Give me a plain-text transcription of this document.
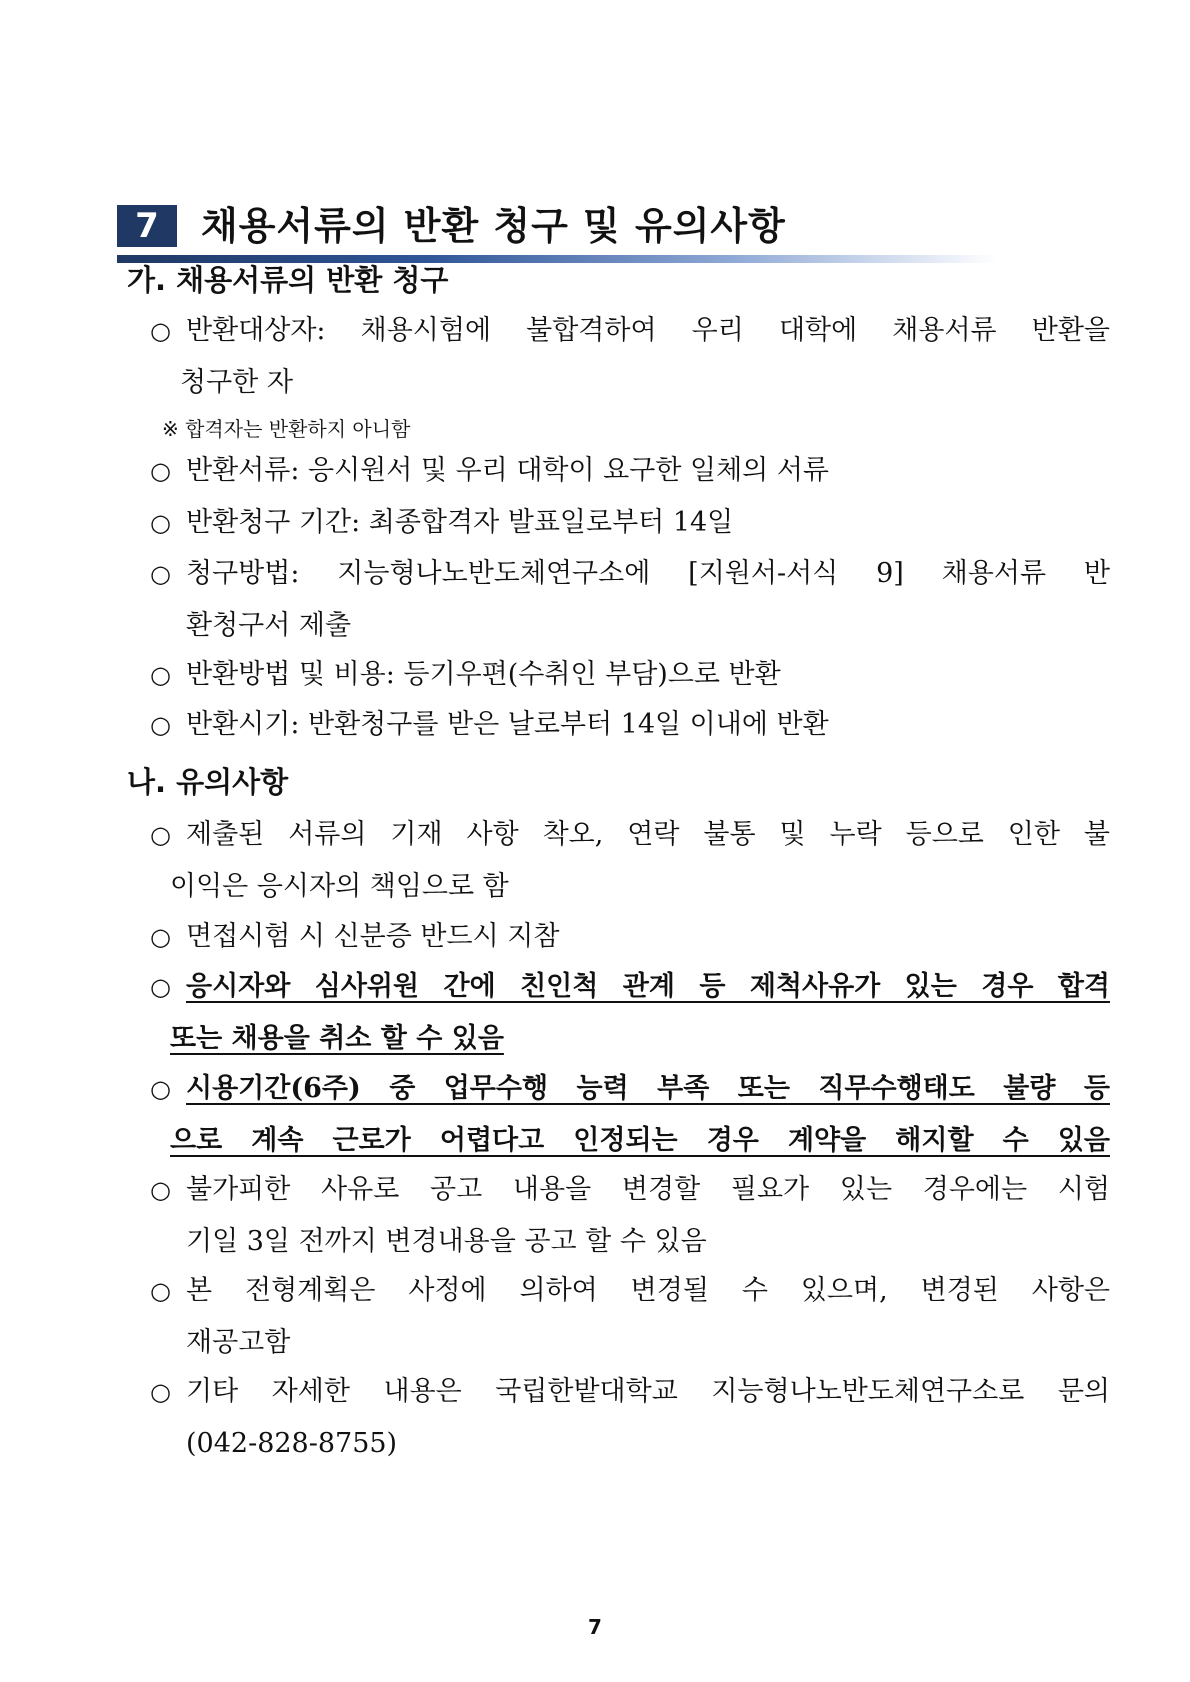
7	채용서류의 반환 청구 및 유의사항
가. 채용서류의 반환 청구
○ 반환대상자: 채용시험에 불합격하여 우리 대학에 채용서류 반환을
청구한 자
※ 합격자는 반환하지 아니함
○ 반환서류: 응시원서 및 우리 대학이 요구한 일체의 서류
○ 반환청구 기간: 최종합격자 발표일로부터 14일
○ 청구방법: 지능형나노반도체연구소에 [지원서-서식 9] 채용서류 반
환청구서 제출
○ 반환방법 및 비용: 등기우편(수취인 부담)으로 반환
○ 반환시기: 반환청구를 받은 날로부터 14일 이내에 반환
나. 유의사항
○ 제출된 서류의 기재 사항 착오, 연락 불통 및 누락 등으로 인한 불
이익은 응시자의 책임으로 함
○ 면접시험 시 신분증 반드시 지참
○ 응시자와 심사위원 간에 친인척 관계 등 제척사유가 있는 경우 합격
또는 채용을 취소 할 수 있음
○ 시용기간(6주) 중 업무수행 능력 부족 또는 직무수행태도 불량 등
으로 계속 근로가 어렵다고 인정되는 경우 계약을 해지할 수 있음
○ 불가피한 사유로 공고 내용을 변경할 필요가 있는 경우에는 시험
기일 3일 전까지 변경내용을 공고 할 수 있음
○ 본 전형계획은 사정에 의하여 변경될 수 있으며, 변경된 사항은
재공고함
○ 기타 자세한 내용은 국립한밭대학교 지능형나노반도체연구소로 문의
(042-828-8755)
7
